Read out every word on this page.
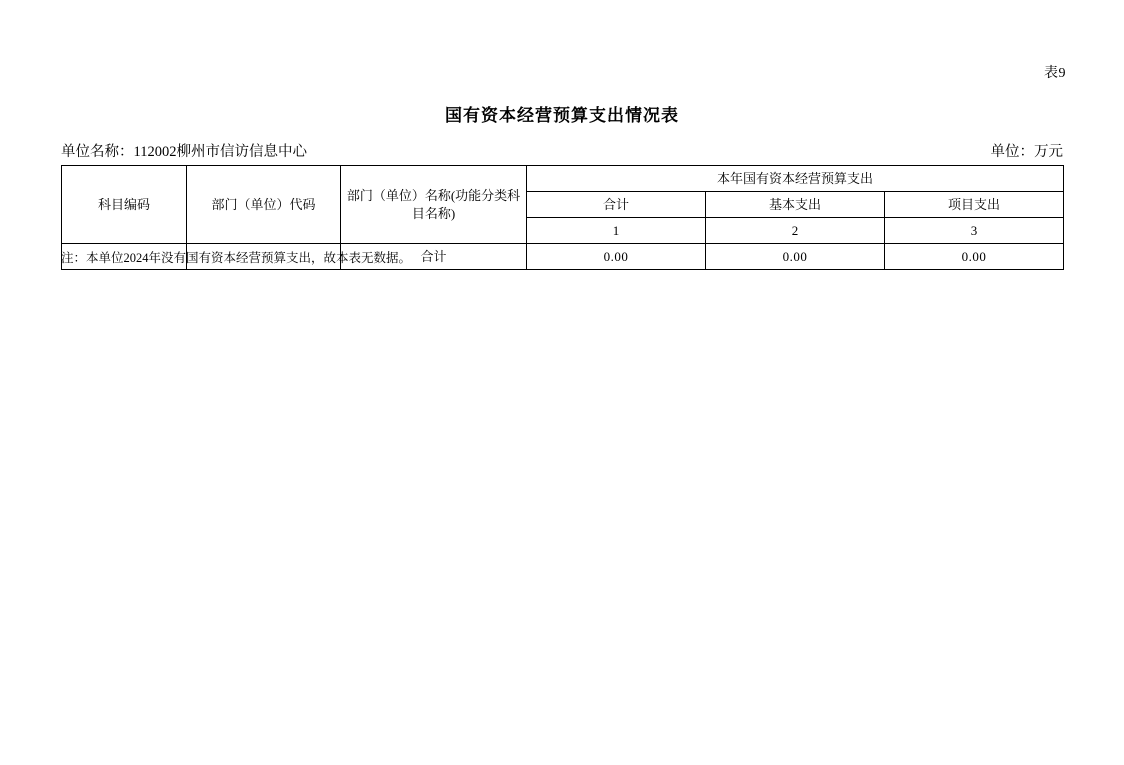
表9
国有资本经营预算支出情况表
单位名称：112002柳州市信访信息中心	单位：万元
科目编码	部门（单位）代码	部门（单位）名称(功能分类科目名称)	本年国有资本经营预算支出		
			合计	基本支出	项目支出
			1	2	3
		合计	0.00	0.00	0.00
注：本单位2024年没有国有资本经营预算支出，故本表无数据。
